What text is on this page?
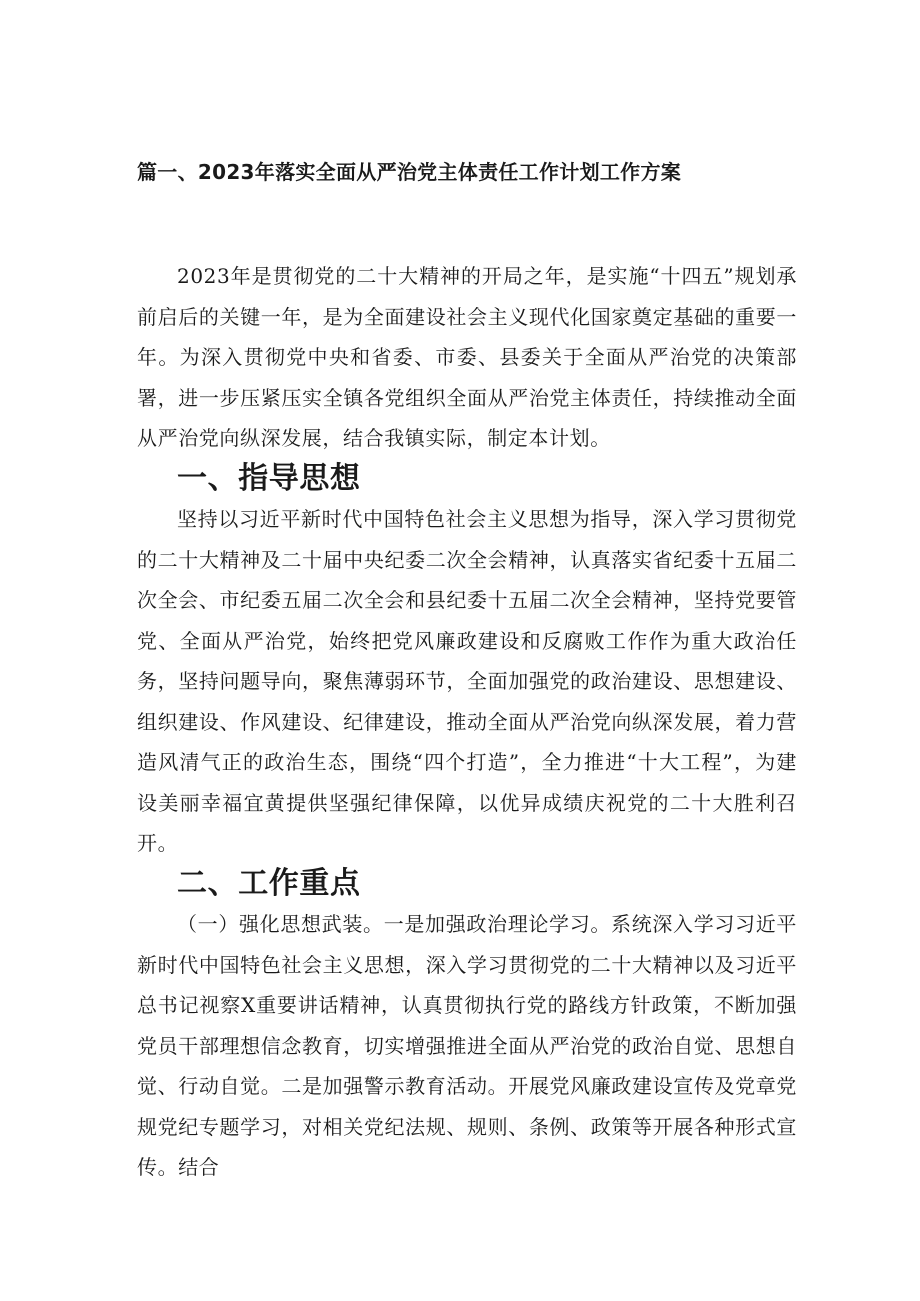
篇一、2023年落实全面从严治党主体责任工作计划工作方案

2023年是贯彻党的二十大精神的开局之年，是实施“十四五”规划承前启后的关键一年，是为全面建设社会主义现代化国家奠定基础的重要一年。为深入贯彻党中央和省委、市委、县委关于全面从严治党的决策部署，进一步压紧压实全镇各党组织全面从严治党主体责任，持续推动全面从严治党向纵深发展，结合我镇实际，制定本计划。

一、指导思想

坚持以习近平新时代中国特色社会主义思想为指导，深入学习贯彻党的二十大精神及二十届中央纪委二次全会精神，认真落实省纪委十五届二次全会、市纪委五届二次全会和县纪委十五届二次全会精神，坚持党要管党、全面从严治党，始终把党风廉政建设和反腐败工作作为重大政治任务，坚持问题导向，聚焦薄弱环节，全面加强党的政治建设、思想建设、组织建设、作风建设、纪律建设，推动全面从严治党向纵深发展，着力营造风清气正的政治生态，围绕“四个打造”，全力推进“十大工程”，为建设美丽幸福宜黄提供坚强纪律保障，以优异成绩庆祝党的二十大胜利召开。

二、工作重点

（一）强化思想武装。一是加强政治理论学习。系统深入学习习近平新时代中国特色社会主义思想，深入学习贯彻党的二十大精神以及习近平总书记视察X重要讲话精神，认真贯彻执行党的路线方针政策，不断加强党员干部理想信念教育，切实增强推进全面从严治党的政治自觉、思想自觉、行动自觉。二是加强警示教育活动。开展党风廉政建设宣传及党章党规党纪专题学习，对相关党纪法规、规则、条例、政策等开展各种形式宣传。结合
